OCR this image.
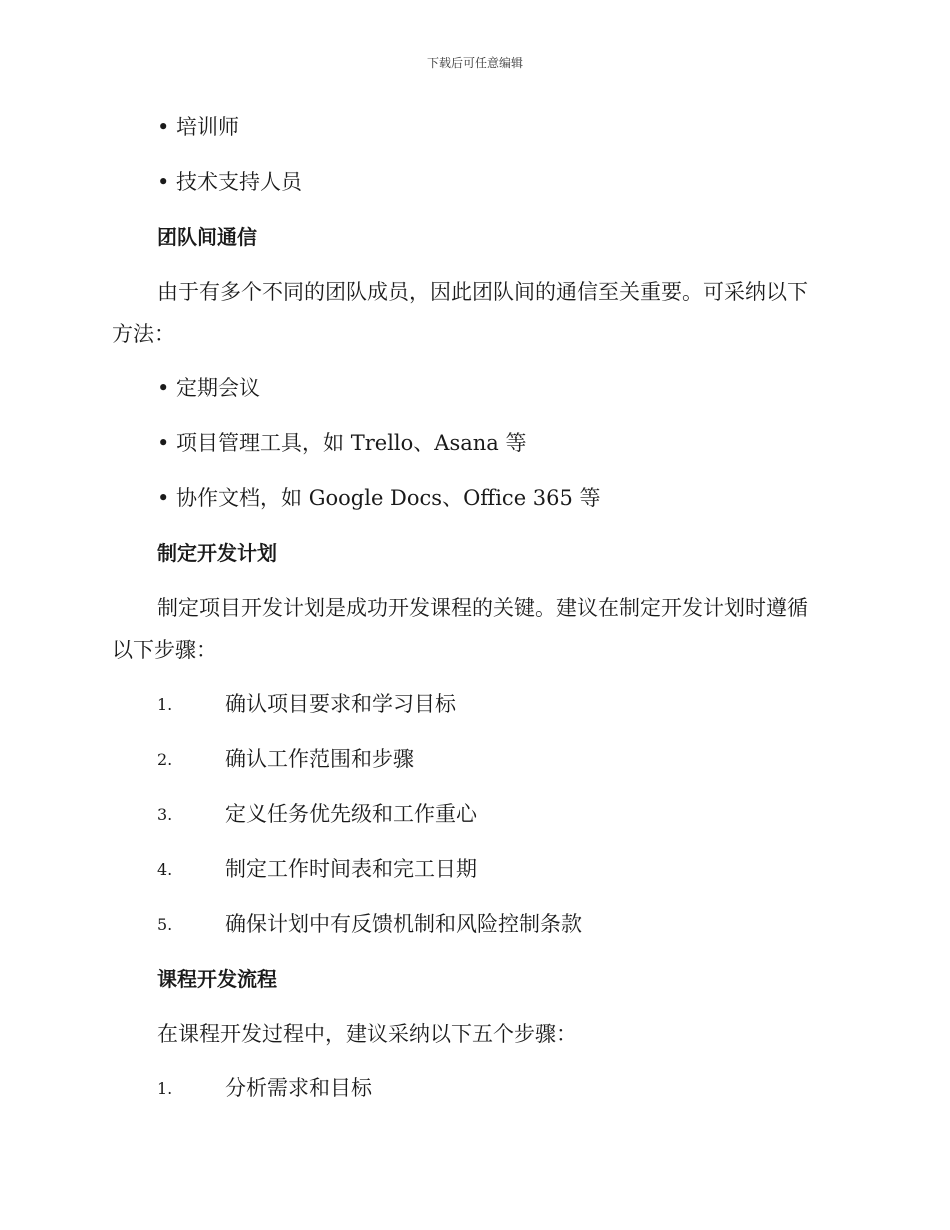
下载后可任意编辑
• 培训师
• 技术支持人员
团队间通信
由于有多个不同的团队成员，因此团队间的通信至关重要。可采纳以下
方法：
• 定期会议
• 项目管理工具，如 Trello、Asana 等
• 协作文档，如 Google Docs、Office 365 等
制定开发计划
制定项目开发计划是成功开发课程的关键。建议在制定开发计划时遵循
以下步骤：
1.	确认项目要求和学习目标
2.	确认工作范围和步骤
3.	定义任务优先级和工作重心
4.	制定工作时间表和完工日期
5.	确保计划中有反馈机制和风险控制条款
课程开发流程
在课程开发过程中，建议采纳以下五个步骤：
1.	分析需求和目标
